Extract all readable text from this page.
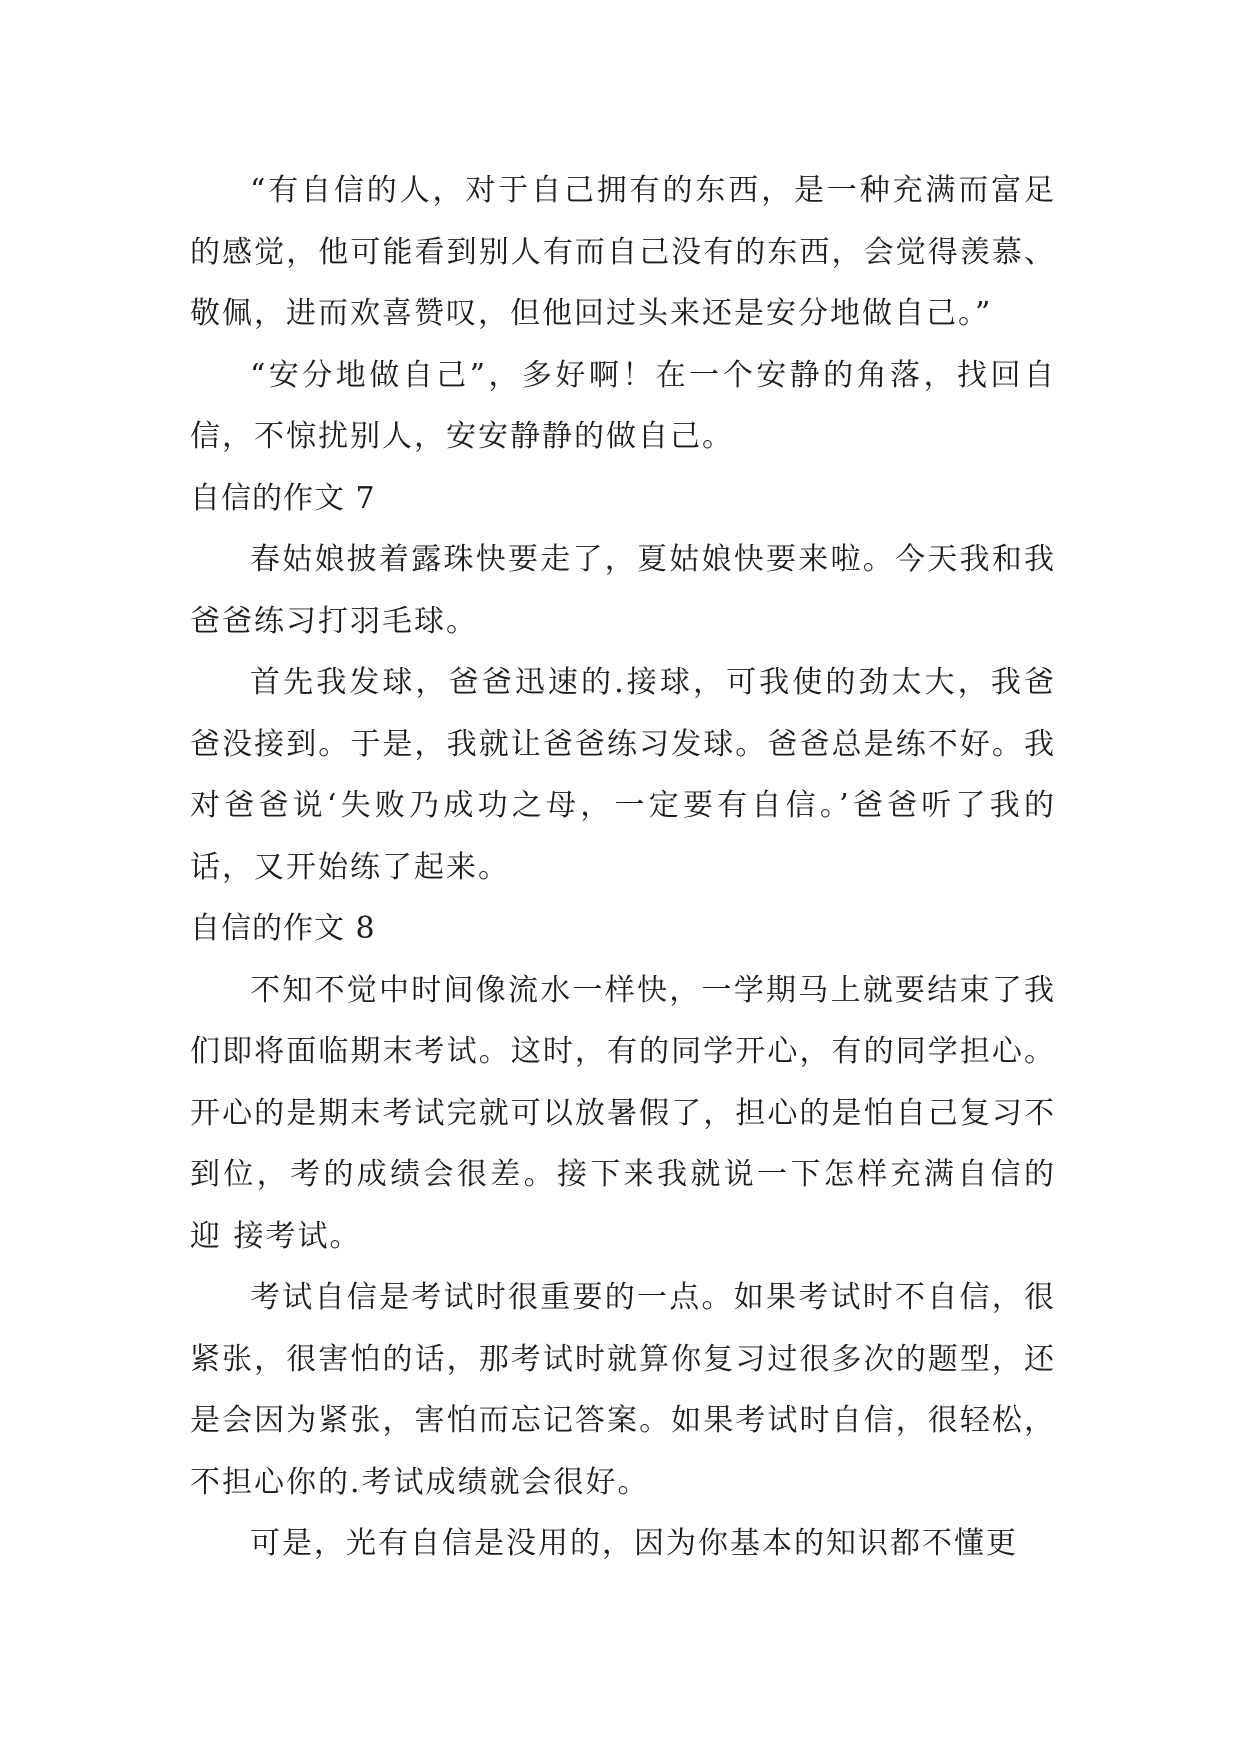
“有自信的人，对于自己拥有的东西，是一种充满而富足的感觉，他可能看到别人有而自己没有的东西，会觉得羡慕、敬佩，进而欢喜赞叹，但他回过头来还是安分地做自己。”

“安分地做自己”，多好啊！在一个安静的角落，找回自信，不惊扰别人，安安静静的做自己。

自信的作文 7

春姑娘披着露珠快要走了，夏姑娘快要来啦。今天我和我爸爸练习打羽毛球。

首先我发球，爸爸迅速的.接球，可我使的劲太大，我爸爸没接到。于是，我就让爸爸练习发球。爸爸总是练不好。我对爸爸说‘失败乃成功之母，一定要有自信。’爸爸听了我的话，又开始练了起来。

自信的作文 8

不知不觉中时间像流水一样快，一学期马上就要结束了我们即将面临期末考试。这时，有的同学开心，有的同学担心。开心的是期末考试完就可以放暑假了，担心的是怕自己复习不到位，考的成绩会很差。接下来我就说一下怎样充满自信的 迎 接考试。

考试自信是考试时很重要的一点。如果考试时不自信，很紧张，很害怕的话，那考试时就算你复习过很多次的题型，还是会因为紧张，害怕而忘记答案。如果考试时自信，很轻松，不担心你的.考试成绩就会很好。

可是，光有自信是没用的，因为你基本的知识都不懂更
